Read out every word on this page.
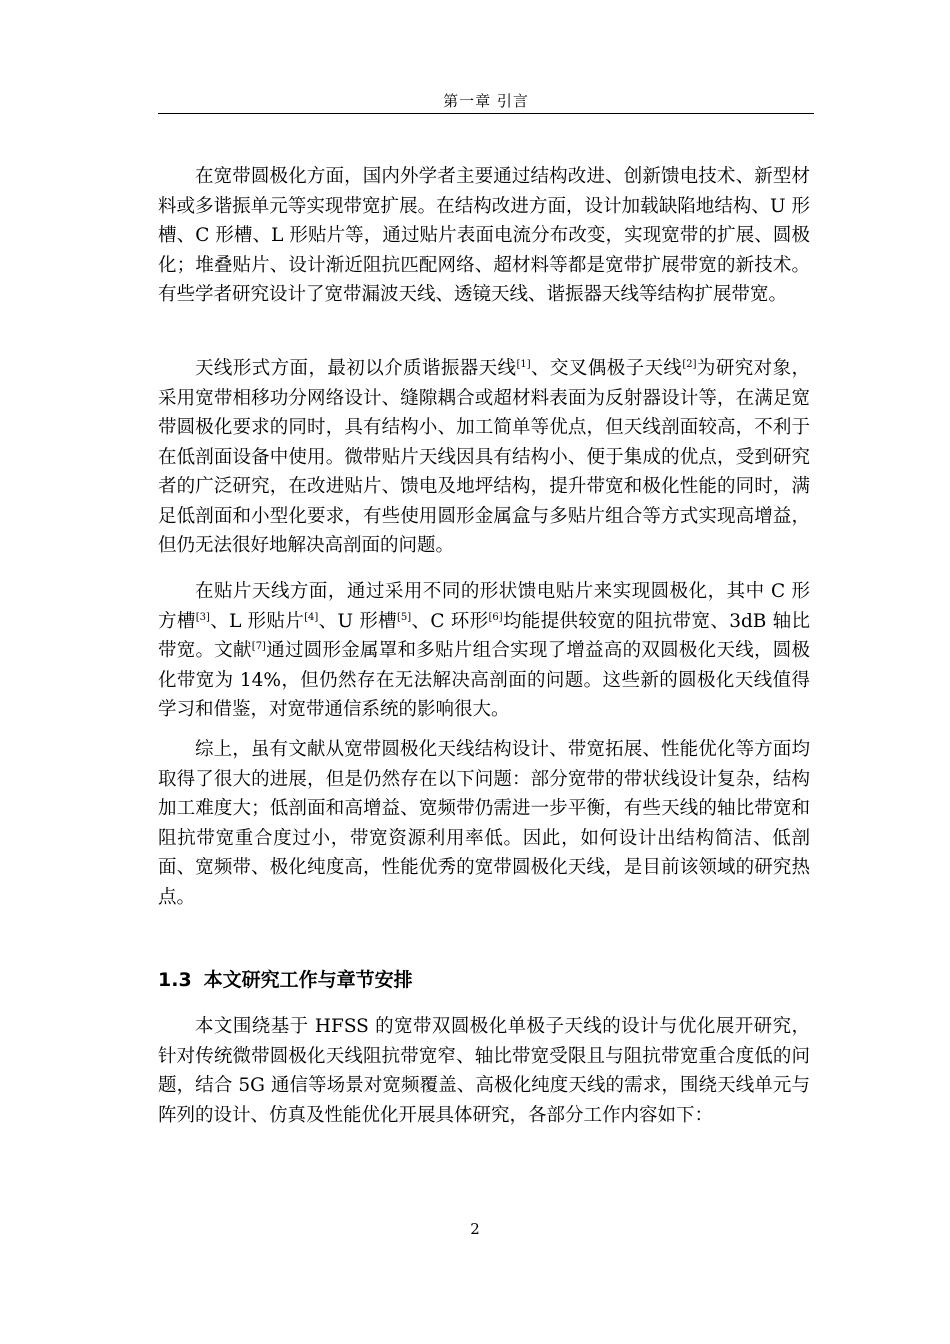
第一章 引言

在宽带圆极化方面，国内外学者主要通过结构改进、创新馈电技术、新型材料或多谐振单元等实现带宽扩展。在结构改进方面，设计加载缺陷地结构、U 形槽、C 形槽、L 形贴片等，通过贴片表面电流分布改变，实现宽带的扩展、圆极化；堆叠贴片、设计渐近阻抗匹配网络、超材料等都是宽带扩展带宽的新技术。有些学者研究设计了宽带漏波天线、透镜天线、谐振器天线等结构扩展带宽。

天线形式方面，最初以介质谐振器天线[1]、交叉偶极子天线[2]为研究对象，采用宽带相移功分网络设计、缝隙耦合或超材料表面为反射器设计等，在满足宽带圆极化要求的同时，具有结构小、加工简单等优点，但天线剖面较高，不利于在低剖面设备中使用。微带贴片天线因具有结构小、便于集成的优点，受到研究者的广泛研究，在改进贴片、馈电及地坪结构，提升带宽和极化性能的同时，满足低剖面和小型化要求，有些使用圆形金属盒与多贴片组合等方式实现高增益，但仍无法很好地解决高剖面的问题。

在贴片天线方面，通过采用不同的形状馈电贴片来实现圆极化，其中 C 形方槽[3]、L 形贴片[4]、U 形槽[5]、C 环形[6]均能提供较宽的阻抗带宽、3dB 轴比带宽。文献[7]通过圆形金属罩和多贴片组合实现了增益高的双圆极化天线，圆极化带宽为 14%，但仍然存在无法解决高剖面的问题。这些新的圆极化天线值得学习和借鉴，对宽带通信系统的影响很大。

综上，虽有文献从宽带圆极化天线结构设计、带宽拓展、性能优化等方面均取得了很大的进展，但是仍然存在以下问题：部分宽带的带状线设计复杂，结构加工难度大；低剖面和高增益、宽频带仍需进一步平衡，有些天线的轴比带宽和阻抗带宽重合度过小，带宽资源利用率低。因此，如何设计出结构简洁、低剖面、宽频带、极化纯度高，性能优秀的宽带圆极化天线，是目前该领域的研究热点。

1.3 本文研究工作与章节安排

本文围绕基于 HFSS 的宽带双圆极化单极子天线的设计与优化展开研究，针对传统微带圆极化天线阻抗带宽窄、轴比带宽受限且与阻抗带宽重合度低的问题，结合 5G 通信等场景对宽频覆盖、高极化纯度天线的需求，围绕天线单元与阵列的设计、仿真及性能优化开展具体研究，各部分工作内容如下：

2
